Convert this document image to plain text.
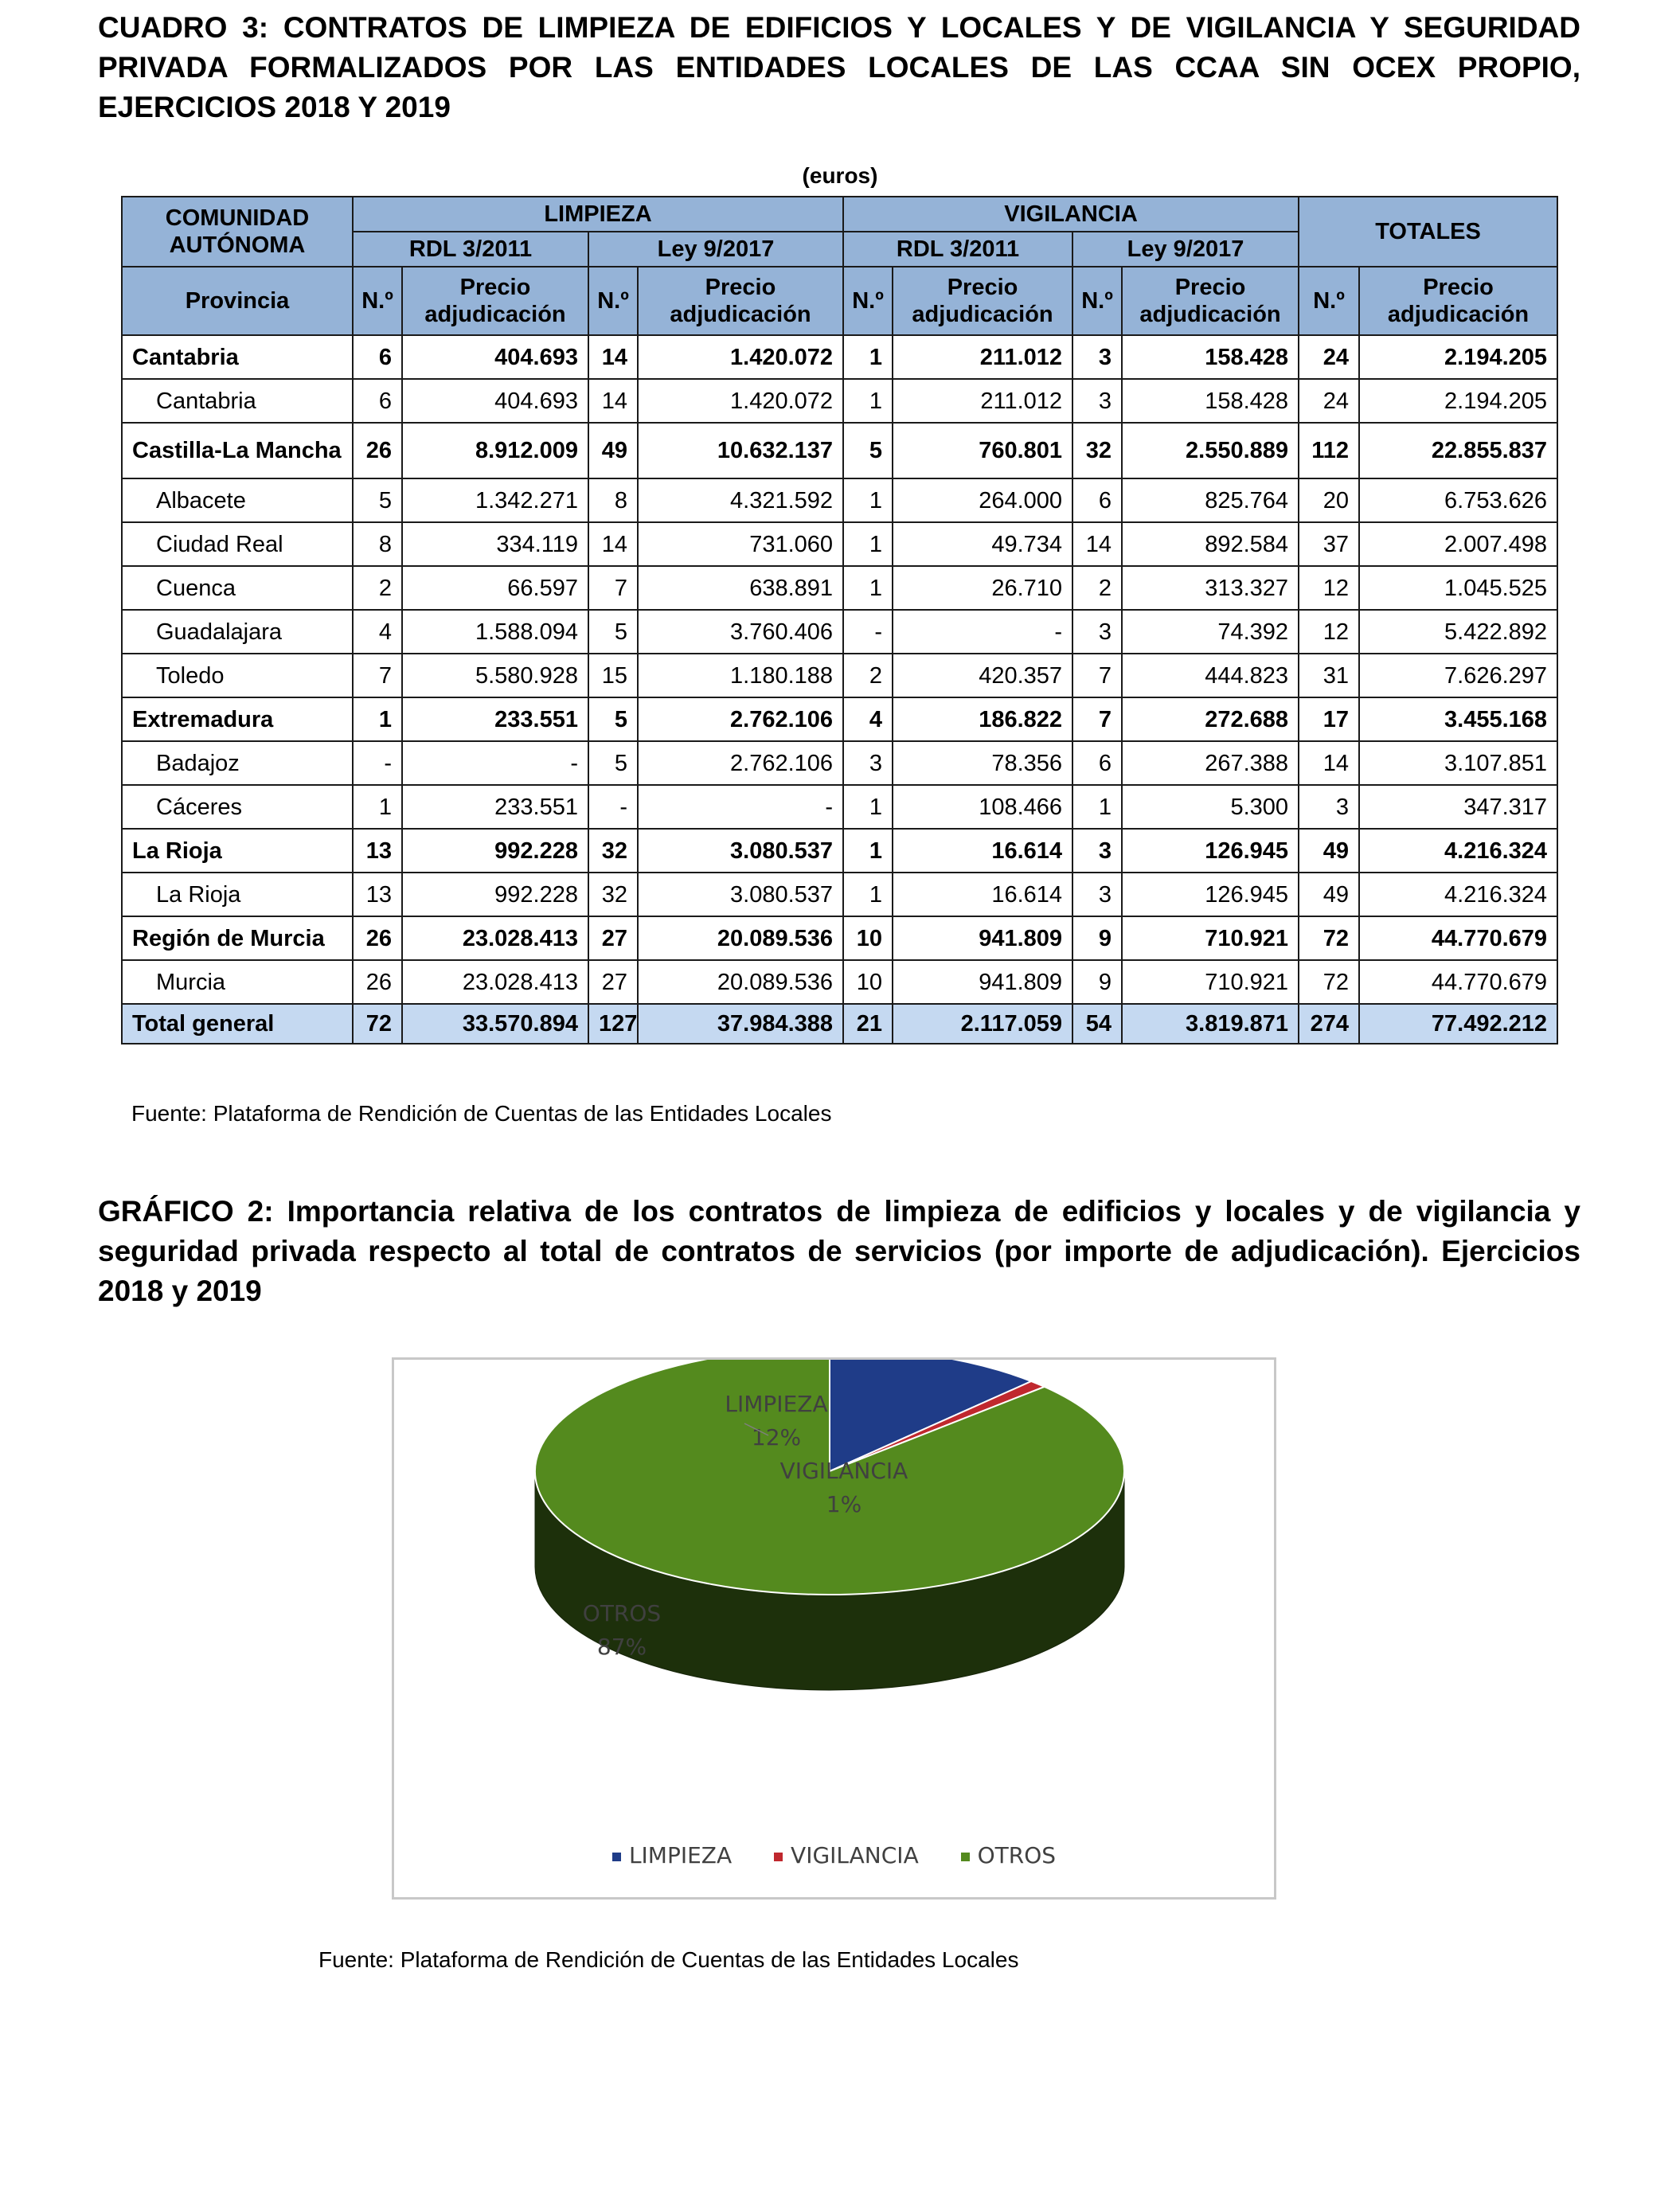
CUADRO 3: CONTRATOS DE LIMPIEZA DE EDIFICIOS Y LOCALES Y DE VIGILANCIA Y SEGURIDAD PRIVADA FORMALIZADOS POR LAS ENTIDADES LOCALES DE LAS CCAA SIN OCEX PROPIO, EJERCICIOS 2018 Y 2019
(euros)
COMUNIDAD AUTÓNOMA	LIMPIEZA				VIGILANCIA				TOTALES	
	RDL 3/2011		Ley 9/2017		RDL 3/2011		Ley 9/2017			
Provincia	N.º	Precio adjudicación	N.º	Precio adjudicación	N.º	Precio adjudicación	N.º	Precio adjudicación	N.º	Precio adjudicación
Cantabria	6	404.693	14	1.420.072	1	211.012	3	158.428	24	2.194.205
Cantabria	6	404.693	14	1.420.072	1	211.012	3	158.428	24	2.194.205
Castilla-La Mancha	26	8.912.009	49	10.632.137	5	760.801	32	2.550.889	112	22.855.837
Albacete	5	1.342.271	8	4.321.592	1	264.000	6	825.764	20	6.753.626
Ciudad Real	8	334.119	14	731.060	1	49.734	14	892.584	37	2.007.498
Cuenca	2	66.597	7	638.891	1	26.710	2	313.327	12	1.045.525
Guadalajara	4	1.588.094	5	3.760.406	-	-	3	74.392	12	5.422.892
Toledo	7	5.580.928	15	1.180.188	2	420.357	7	444.823	31	7.626.297
Extremadura	1	233.551	5	2.762.106	4	186.822	7	272.688	17	3.455.168
Badajoz	-	-	5	2.762.106	3	78.356	6	267.388	14	3.107.851
Cáceres	1	233.551	-	-	1	108.466	1	5.300	3	347.317
La Rioja	13	992.228	32	3.080.537	1	16.614	3	126.945	49	4.216.324
La Rioja	13	992.228	32	3.080.537	1	16.614	3	126.945	49	4.216.324
Región de Murcia	26	23.028.413	27	20.089.536	10	941.809	9	710.921	72	44.770.679
Murcia	26	23.028.413	27	20.089.536	10	941.809	9	710.921	72	44.770.679
Total general	72	33.570.894	127	37.984.388	21	2.117.059	54	3.819.871	274	77.492.212
Fuente: Plataforma de Rendición de Cuentas de las Entidades Locales
GRÁFICO 2: Importancia relativa de los contratos de limpieza de edificios y locales y de vigilancia y seguridad privada respecto al total de contratos de servicios (por importe de adjudicación). Ejercicios 2018 y 2019
LIMPIEZA 12%
VIGILANCIA 1%
OTROS 87%
LIMPIEZA	VIGILANCIA	OTROS
Fuente: Plataforma de Rendición de Cuentas de las Entidades Locales
